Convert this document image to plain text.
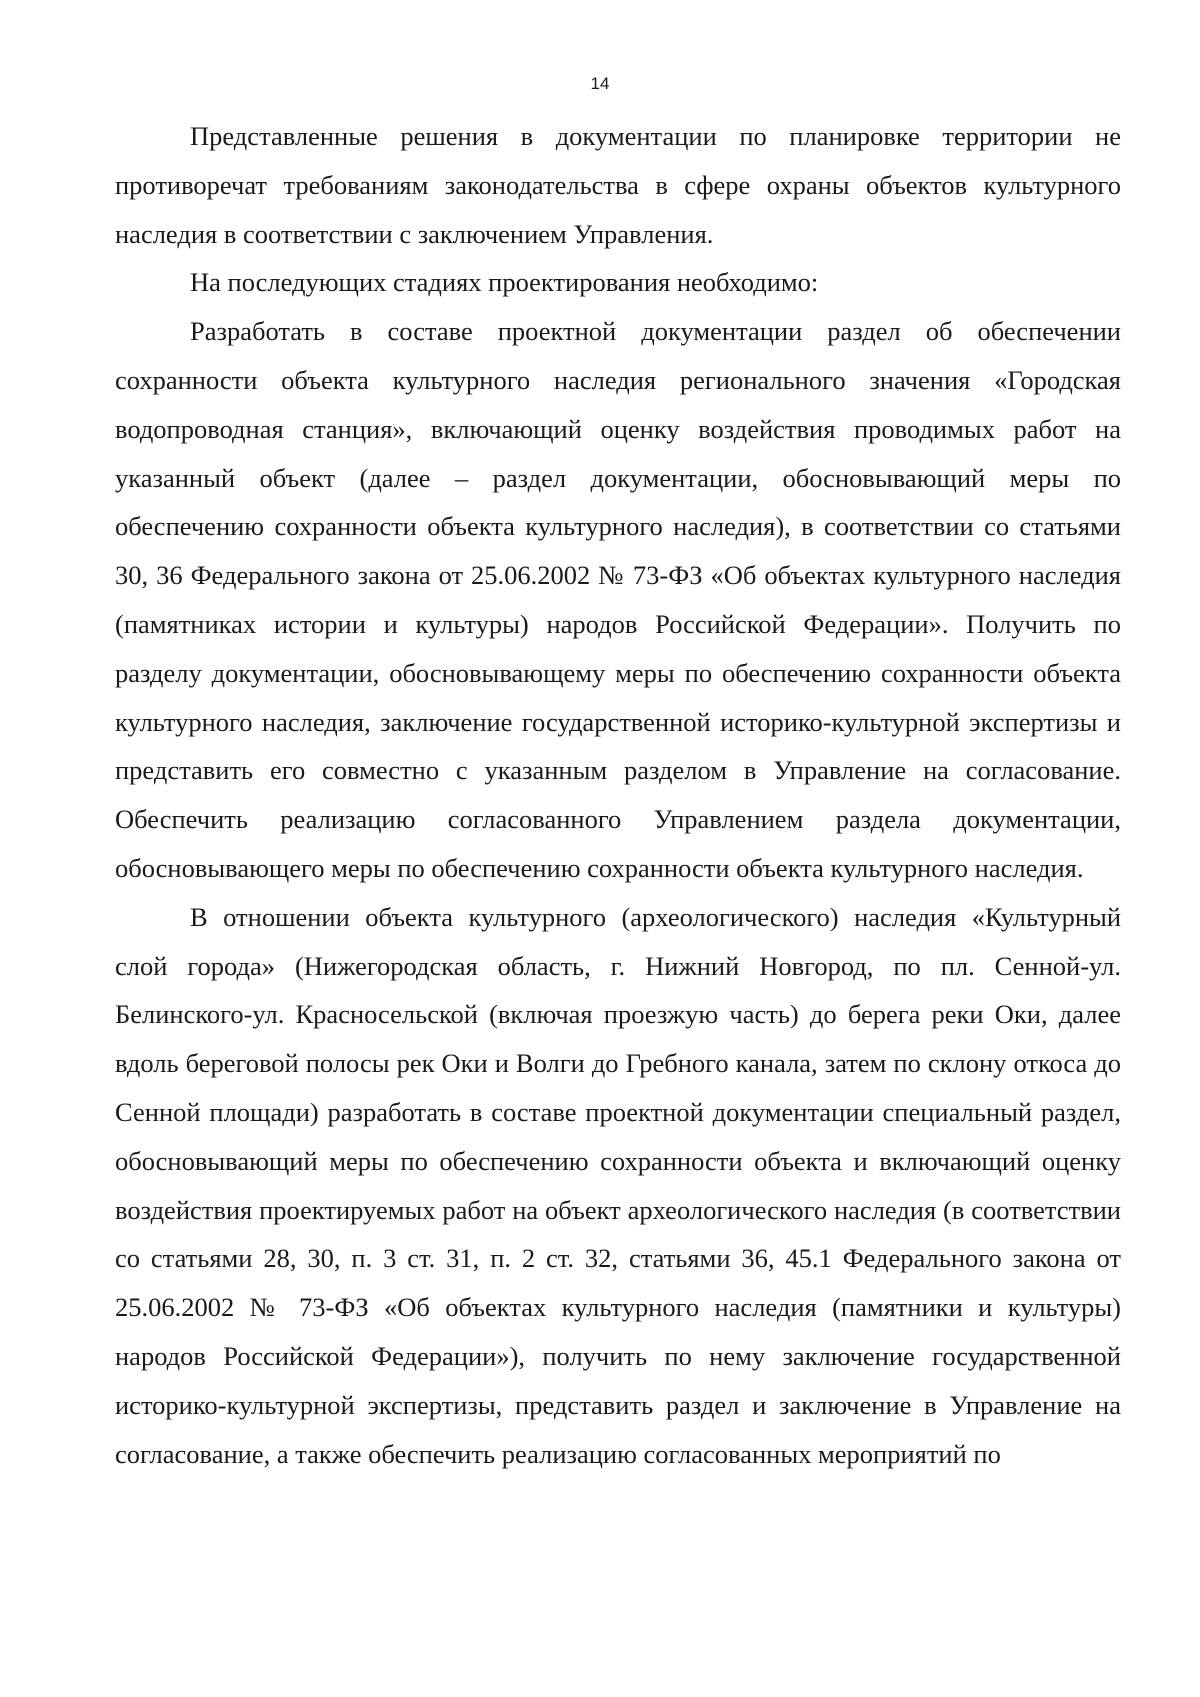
14

Представленные решения в документации по планировке территории не противоречат требованиям законодательства в сфере охраны объектов культурного наследия в соответствии с заключением Управления.

На последующих стадиях проектирования необходимо:

Разработать в составе проектной документации раздел об обеспечении сохранности объекта культурного наследия регионального значения «Городская водопроводная станция», включающий оценку воздействия проводимых работ на указанный объект (далее – раздел документации, обосновывающий меры по обеспечению сохранности объекта культурного наследия), в соответствии со статьями 30, 36 Федерального закона от 25.06.2002 № 73-ФЗ «Об объектах культурного наследия (памятниках истории и культуры) народов Российской Федерации». Получить по разделу документации, обосновывающему меры по обеспечению сохранности объекта культурного наследия, заключение государственной историко-культурной экспертизы и представить его совместно с указанным разделом в Управление на согласование. Обеспечить реализацию согласованного Управлением раздела документации, обосновывающего меры по обеспечению сохранности объекта культурного наследия.

В отношении объекта культурного (археологического) наследия «Культурный слой города» (Нижегородская область, г. Нижний Новгород, по пл. Сенной-ул. Белинского-ул. Красносельской (включая проезжую часть) до берега реки Оки, далее вдоль береговой полосы рек Оки и Волги до Гребного канала, затем по склону откоса до Сенной площади) разработать в составе проектной документации специальный раздел, обосновывающий меры по обеспечению сохранности объекта и включающий оценку воздействия проектируемых работ на объект археологического наследия (в соответствии со статьями 28, 30, п. 3 ст. 31, п. 2 ст. 32, статьями 36, 45.1 Федерального закона от 25.06.2002 № 73-ФЗ «Об объектах культурного наследия (памятники и культуры) народов Российской Федерации»), получить по нему заключение государственной историко-культурной экспертизы, представить раздел и заключение в Управление на согласование, а также обеспечить реализацию согласованных мероприятий по
